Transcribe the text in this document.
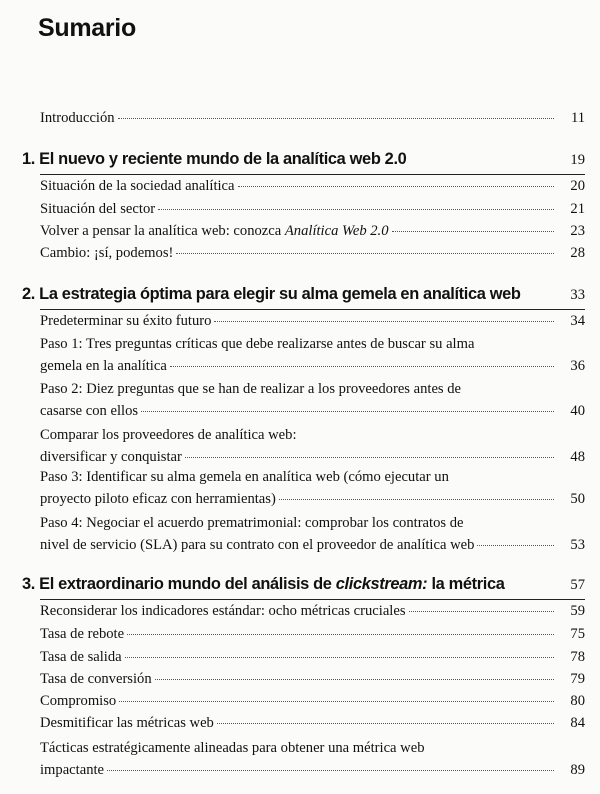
Sumario
Introducción	11
1. El nuevo y reciente mundo de la analítica web 2.0	19
Situación de la sociedad analítica	20
Situación del sector	21
Volver a pensar la analítica web: conozca Analítica Web 2.0	23
Cambio: ¡sí, podemos!	28
2. La estrategia óptima para elegir su alma gemela en analítica web	33
Predeterminar su éxito futuro	34
Paso 1: Tres preguntas críticas que debe realizarse antes de buscar su alma
gemela en la analítica	36
Paso 2: Diez preguntas que se han de realizar a los proveedores antes de
casarse con ellos	40
Comparar los proveedores de analítica web:
diversificar y conquistar	48
Paso 3: Identificar su alma gemela en analítica web (cómo ejecutar un
proyecto piloto eficaz con herramientas)	50
Paso 4: Negociar el acuerdo prematrimonial: comprobar los contratos de
nivel de servicio (SLA) para su contrato con el proveedor de analítica web	53
3. El extraordinario mundo del análisis de clickstream: la métrica	57
Reconsiderar los indicadores estándar: ocho métricas cruciales	59
Tasa de rebote	75
Tasa de salida	78
Tasa de conversión	79
Compromiso	80
Desmitificar las métricas web	84
Tácticas estratégicamente alineadas para obtener una métrica web
impactante	89
